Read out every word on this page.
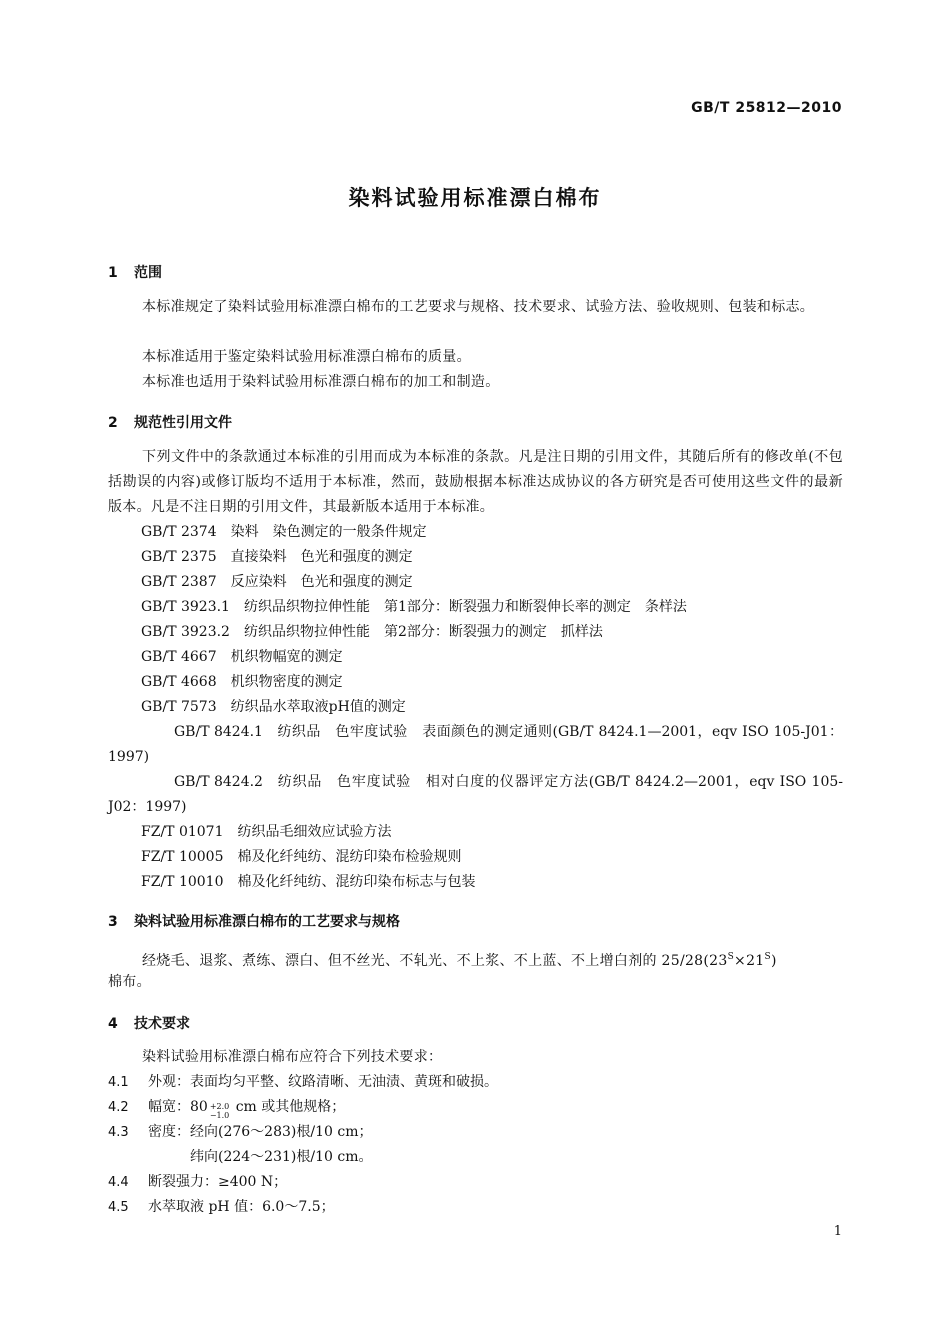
GB/T 25812—2010
染料试验用标准漂白棉布
1 范围
本标准规定了染料试验用标准漂白棉布的工艺要求与规格、技术要求、试验方法、验收规则、包装和标志。
本标准适用于鉴定染料试验用标准漂白棉布的质量。
本标准也适用于染料试验用标准漂白棉布的加工和制造。
2 规范性引用文件
下列文件中的条款通过本标准的引用而成为本标准的条款。凡是注日期的引用文件，其随后所有的修改单(不包括勘误的内容)或修订版均不适用于本标准，然而，鼓励根据本标准达成协议的各方研究是否可使用这些文件的最新版本。凡是不注日期的引用文件，其最新版本适用于本标准。
GB/T 2374 染料　染色测定的一般条件规定
GB/T 2375 直接染料　色光和强度的测定
GB/T 2387 反应染料　色光和强度的测定
GB/T 3923.1 纺织品织物拉伸性能　第1部分：断裂强力和断裂伸长率的测定　条样法
GB/T 3923.2 纺织品织物拉伸性能　第2部分：断裂强力的测定　抓样法
GB/T 4667 机织物幅宽的测定
GB/T 4668 机织物密度的测定
GB/T 7573 纺织品水萃取液pH值的测定
GB/T 8424.1 纺织品　色牢度试验　表面颜色的测定通则(GB/T 8424.1—2001，eqv ISO 105-J01：1997)
GB/T 8424.2 纺织品　色牢度试验　相对白度的仪器评定方法(GB/T 8424.2—2001，eqv ISO 105-J02：1997)
FZ/T 01071 纺织品毛细效应试验方法
FZ/T 10005 棉及化纤纯纺、混纺印染布检验规则
FZ/T 10010 棉及化纤纯纺、混纺印染布标志与包装
3 染料试验用标准漂白棉布的工艺要求与规格
经烧毛、退浆、煮练、漂白、但不丝光、不轧光、不上浆、不上蓝、不上增白剂的 $25/28(23^S\times 21^S)$
棉布。
4 技术要求
染料试验用标准漂白棉布应符合下列技术要求：
4.1 外观：表面均匀平整、纹路清晰、无油渍、黄斑和破损。
4.2 幅宽：80 +2.0
−1.0
cm 或其他规格；
4.3 密度：经向(276～283)根/10 cm；
纬向(224～231)根/10 cm。
4.4 断裂强力：≥400 N；
4.5 水萃取液 pH 值：6.0～7.5；
1
